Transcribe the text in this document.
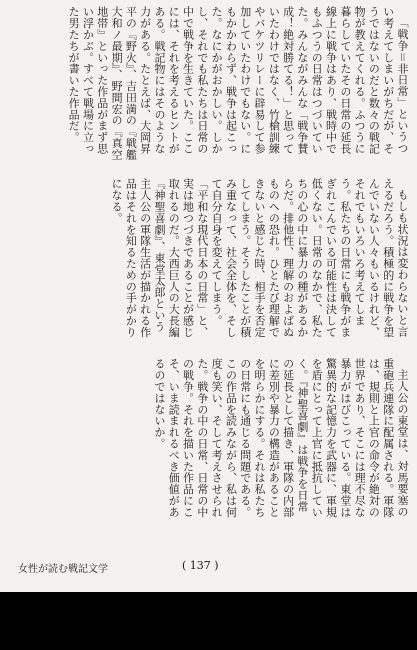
「戦争＝非日常」というつい考えてしまいがちだが、そうではないのだと数々の戦記物が教えてくれる。ふつうに暮らしていたその日常の延長線上に戦争はあり、戦時中でもふつうの日常はつづいていた。みんながみんな「戦争賛成！絶対勝てる！」と思っていたわけではなく、竹槍訓練やバケツリレーに辟易して参加していたわけでもない。にもかかわらず、戦争は起こった。なにかがおかしい。しかし、それでも私たちは日常の中で戦争を生きていた。ここには、それを考えるヒントがある。戦記物にはそのような力がある。たとえば、大岡昇平の『野火』、吉田満の『戦艦大和ノ最期』、野間宏の『真空地帯』といった作品がまず思い浮かぶ。すべて戦場に立った男たちが書いた作品だ。

もしも状況は変わらないと言えるだろう。積極的に戦争を望んでいない人々もいるけれど、それでもいろいろ考えてしまう。私たちの日常にも戦争がまぎれこんでいる可能性は決して低くない。日常のなかで、私たちの心の中に暴力の種があるからだ。排他性、理解のおよばぬものへの恐れ。ひとたび理解できないと感じた時、相手を否定してしまう。そうしたことが積み重なって、社会全体を、そして自分自身を変えてしまう。「平和な現代日本の日常」と、実は地つづきであることが感じ取れるのだ。大西巨人の大長編『神聖喜劇』、東堂太郎という主人公の軍隊生活が描かれる作品はそれを知るための手がかりになる。

主人公の東堂は、対馬要塞の重砲兵連隊に配属される。軍隊は、規則と上官の命令が絶対の世界であり、そこには理不尽な暴力がはびこっている。東堂は驚異的な記憶力を武器に、軍規を盾にとって上官に抵抗していく。『神聖喜劇』は戦争を日常の延長として描き、軍隊の内部に差別や暴力の構造があることを明らかにする。それは私たちの日常にも通じる問題である。この作品を読みながら、私は何度も笑い、そして考えさせられた。戦争の中の日常、日常の中の戦争。それを描いた作品にこそ、いま読まれるべき価値があるのではないか。

女性が読む戦記文学	( 137 )
